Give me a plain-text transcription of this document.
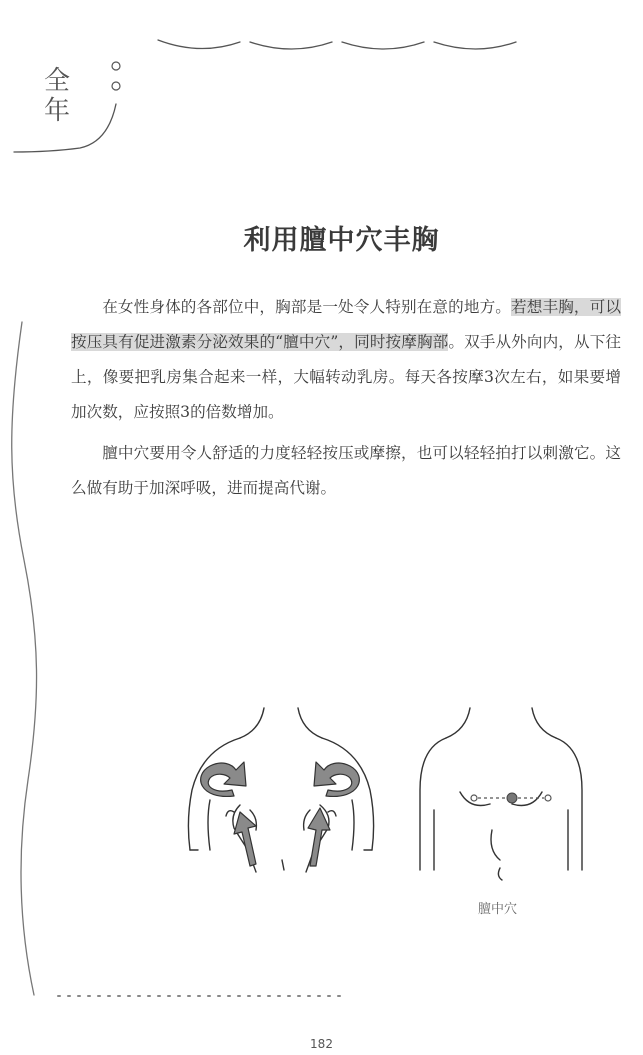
全
年
利用膻中穴丰胸

在女性身体的各部位中，胸部是一处令人特别在意的地方。若想丰胸，可以按压具有促进激素分泌效果的“膻中穴”，同时按摩胸部。双手从外向内，从下往上，像要把乳房集合起来一样，大幅转动乳房。每天各按摩3次左右，如果要增加次数，应按照3的倍数增加。

膻中穴要用令人舒适的力度轻轻按压或摩擦，也可以轻轻拍打以刺激它。这么做有助于加深呼吸，进而提高代谢。

膻中穴
182
